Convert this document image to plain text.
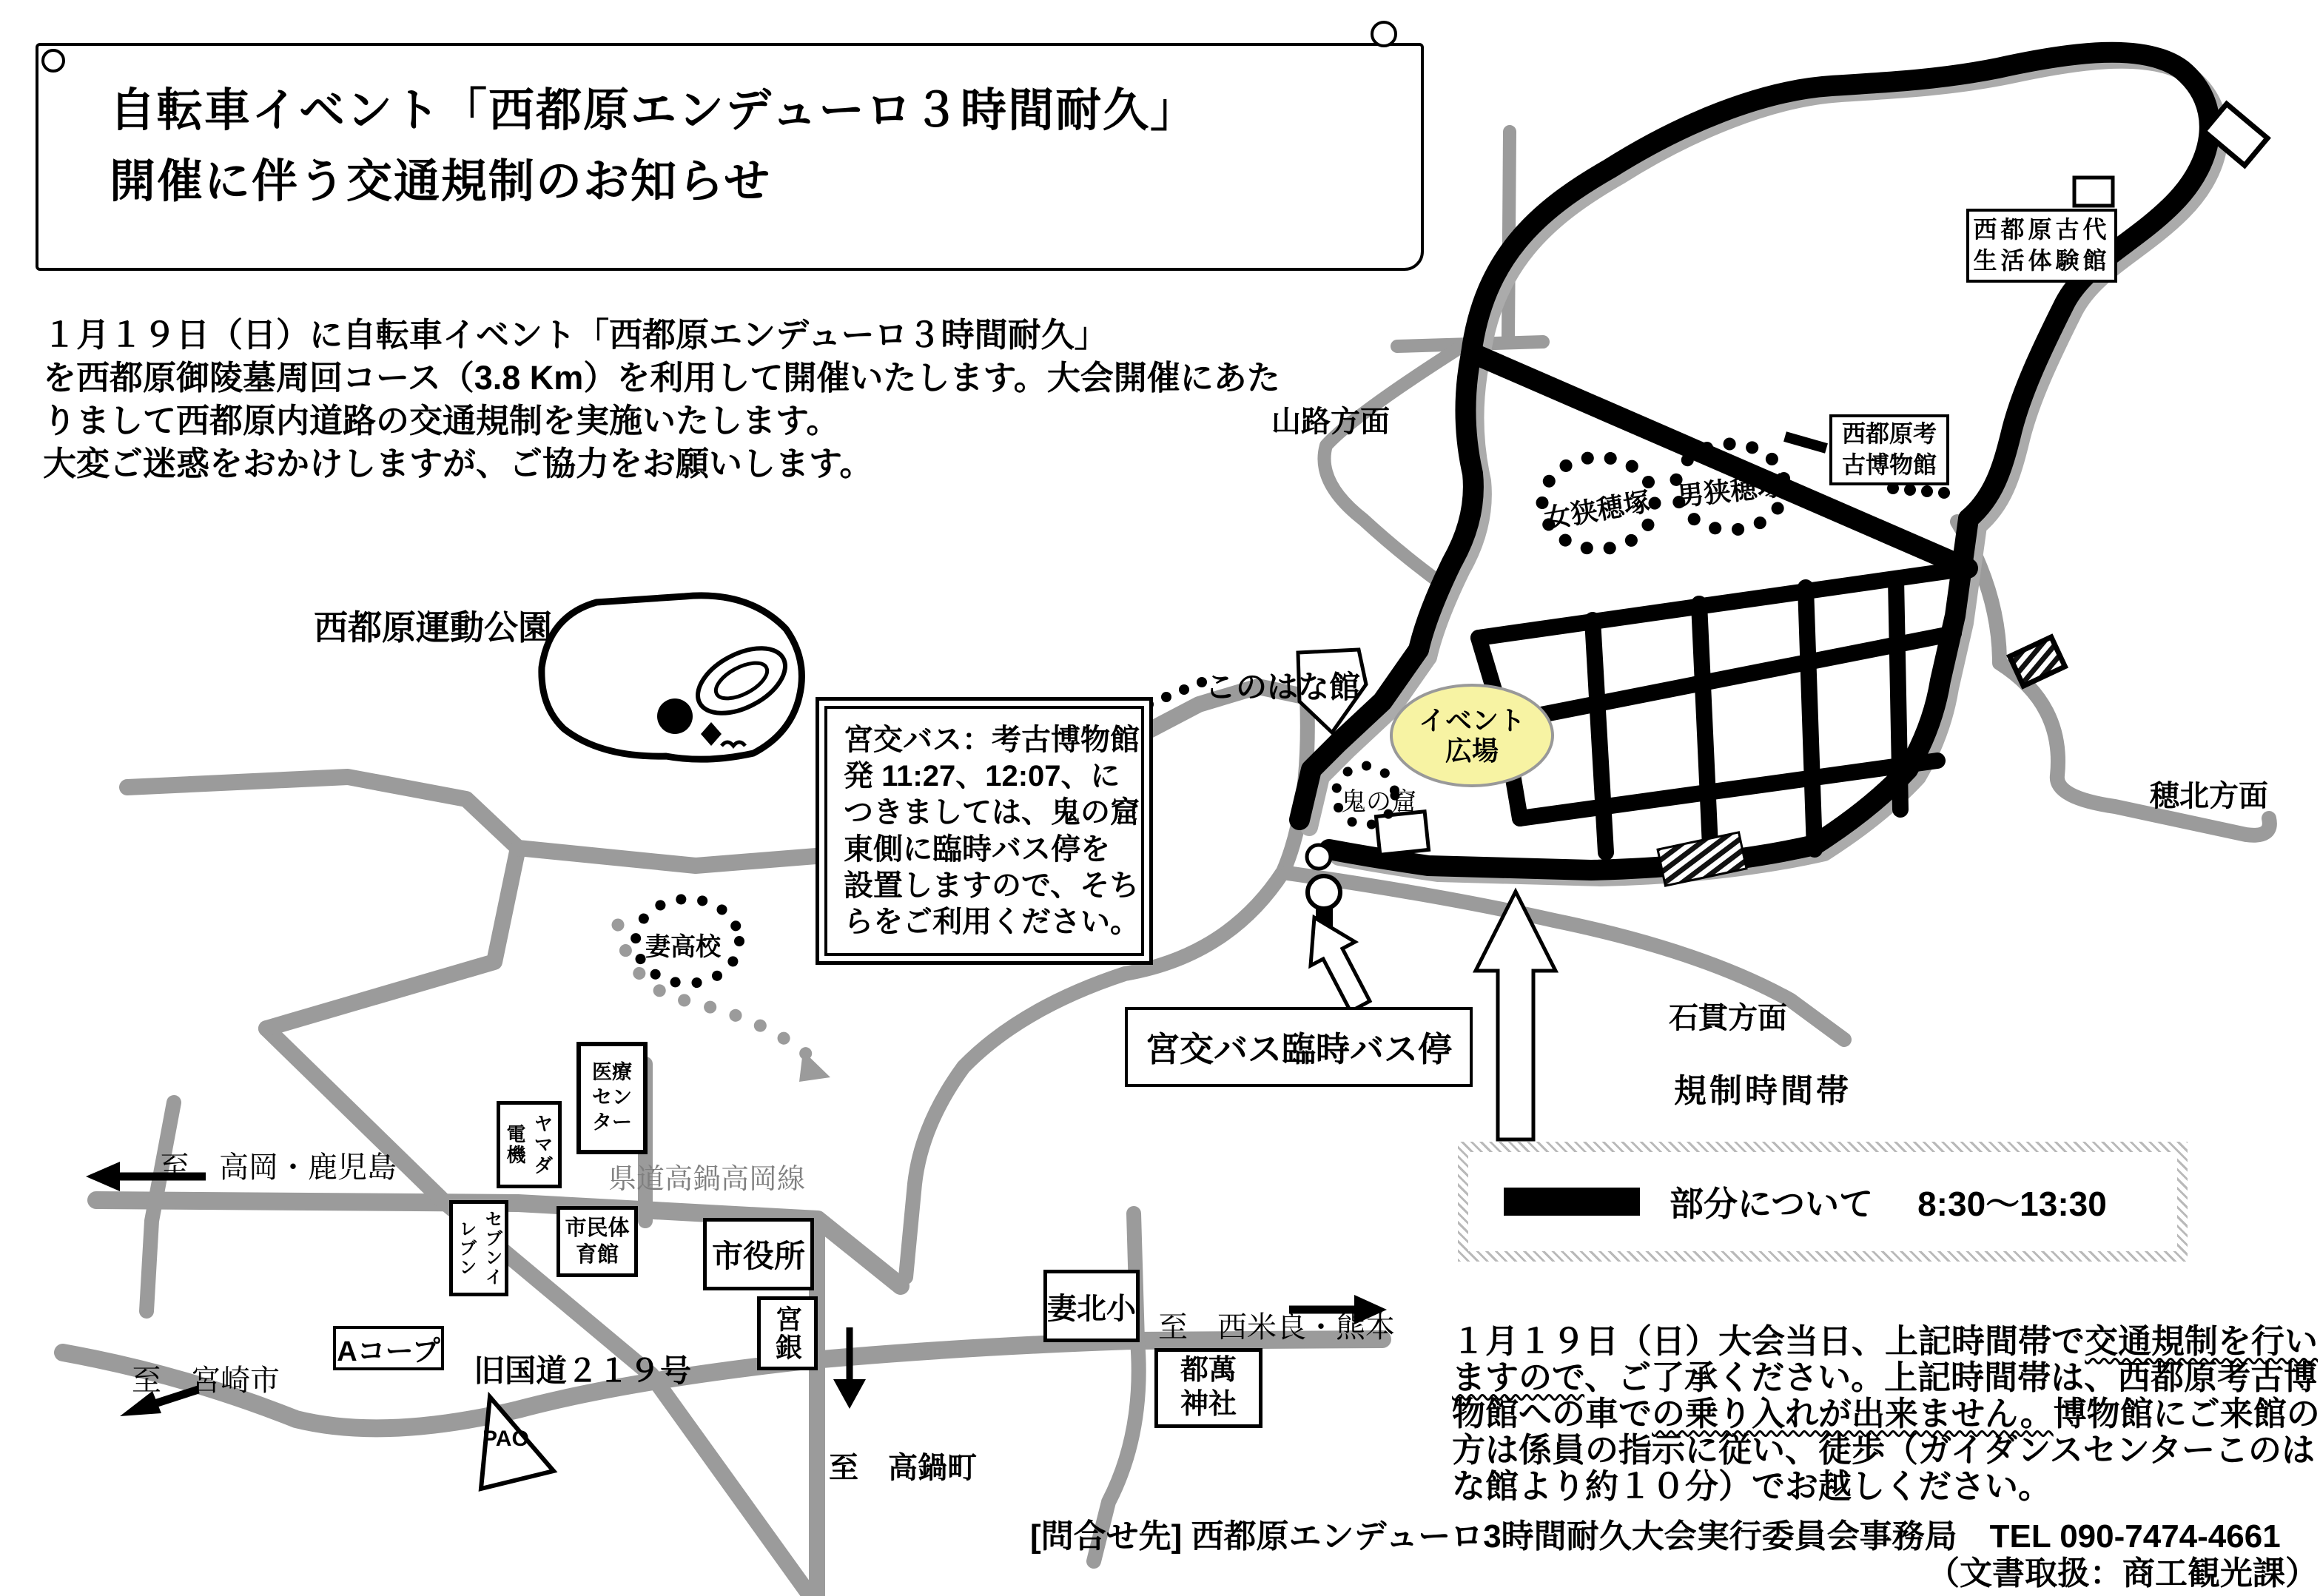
自転車イベント「西都原エンデューロ３時間耐久」
開催に伴う交通規制のお知らせ
１月１９日（日）に自転車イベント「西都原エンデューロ３時間耐久」
を西都原御陵墓周回コース（3.8 Km）を利用して開催いたします。大会開催にあた
りまして西都原内道路の交通規制を実施いたします。
大変ご迷惑をおかけしますが、ご協力をお願いします。
宮交バス：考古博物館
発 11:27、12:07、に
つきましては、鬼の窟
東側に臨時バス停を
設置しますので、そち
らをご利用ください。
山路方面
西都原古代
生活体験館
西都原考
古博物館
女狭穂塚 男狭穂塚
このはな館
イベント
広場
鬼の窟	穂北方面
石貫方面
宮交バス臨時バス停
西都原運動公園
妻高校
医療
セン
ター
ヤマダ電機
県道高鍋高岡線
セブンイレブン	市民体
育館	市役所
Aコープ
旧国道２１９号
PAO
宮銀	妻北小
都萬
神社
至　高岡・鹿児島
至　宮崎市
至　高鍋町
至　西米良・熊本
規制時間帯
部分について 8:30～13:30
１月１９日（日）大会当日、上記時間帯で交通規制を行い
ますので、ご了承ください。上記時間帯は、西都原考古博
物館への車での乗り入れが出来ません。博物館にご来館の
方は係員の指示に従い、徒歩（ガイダンスセンターこのは
な館より約１０分）でお越しください。
[問合せ先] 西都原エンデューロ3時間耐久大会実行委員会事務局　TEL 090-7474-4661
（文書取扱：商工観光課）
